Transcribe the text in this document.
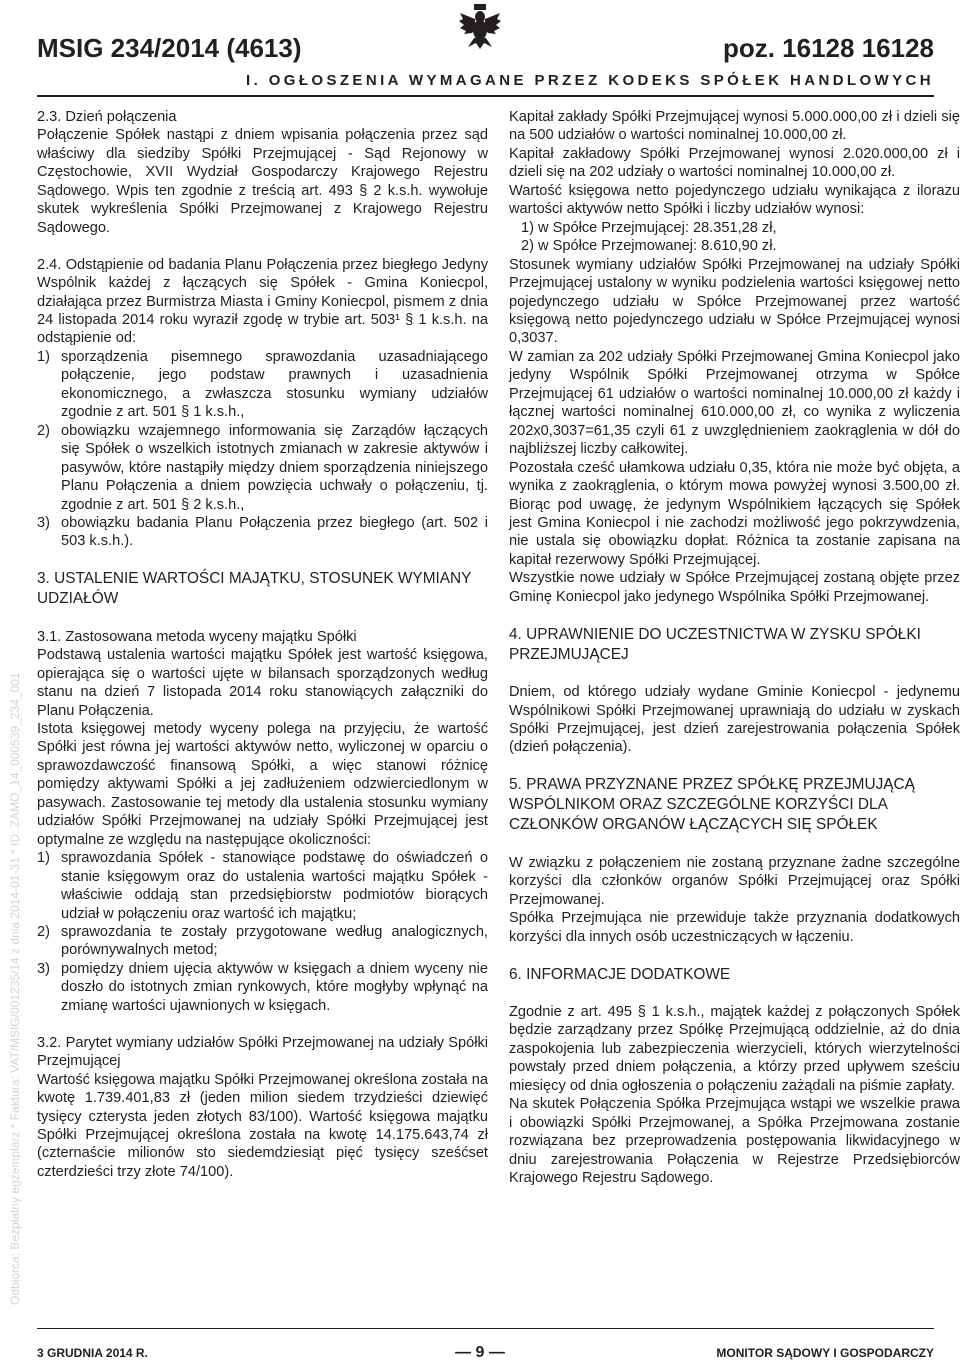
MSIG 234/2014 (4613)	poz. 16128 16128
I. OGŁOSZENIA WYMAGANE PRZEZ KODEKS SPÓŁEK HANDLOWYCH
Odbiorca: Bezpłatny egzemplarz * Faktura: VAT/MSIG/001235/14 z dnia 2014-01-31 * ID: ZAMO_14_000539_234_001

2.3. Dzień połączenia

Połączenie Spółek nastąpi z dniem wpisania połączenia przez sąd właściwy dla siedziby Spółki Przejmującej - Sąd Rejonowy w Częstochowie, XVII Wydział Gospodarczy Krajowego Rejestru Sądowego. Wpis ten zgodnie z treścią art. 493 § 2 k.s.h. wywołuje skutek wykreślenia Spółki Przejmowanej z Krajowego Rejestru Sądowego.

2.4. Odstąpienie od badania Planu Połączenia przez biegłego Jedyny Wspólnik każdej z łączących się Spółek - Gmina Koniecpol, działająca przez Burmistrza Miasta i Gminy Koniecpol, pismem z dnia 24 listopada 2014 roku wyraził zgodę w trybie art. 503¹ § 1 k.s.h. na odstąpienie od:

1) sporządzenia pisemnego sprawozdania uzasadniającego połączenie, jego podstaw prawnych i uzasadnienia ekonomicznego, a zwłaszcza stosunku wymiany udziałów zgodnie z art. 501 § 1 k.s.h.,
2) obowiązku wzajemnego informowania się Zarządów łączących się Spółek o wszelkich istotnych zmianach w zakresie aktywów i pasywów, które nastąpiły między dniem sporządzenia niniejszego Planu Połączenia a dniem powzięcia uchwały o połączeniu, tj. zgodnie z art. 501 § 2 k.s.h.,
3) obowiązku badania Planu Połączenia przez biegłego (art. 502 i 503 k.s.h.).

3. USTALENIE WARTOŚCI MAJĄTKU, STOSUNEK WYMIANY UDZIAŁÓW

3.1. Zastosowana metoda wyceny majątku Spółki

Podstawą ustalenia wartości majątku Spółek jest wartość księgowa, opierająca się o wartości ujęte w bilansach sporządzonych według stanu na dzień 7 listopada 2014 roku stanowiących załączniki do Planu Połączenia.

Istota księgowej metody wyceny polega na przyjęciu, że wartość Spółki jest równa jej wartości aktywów netto, wyliczonej w oparciu o sprawozdawczość finansową Spółki, a więc stanowi różnicę pomiędzy aktywami Spółki a jej zadłużeniem odzwierciedlonym w pasywach. Zastosowanie tej metody dla ustalenia stosunku wymiany udziałów Spółki Przejmowanej na udziały Spółki Przejmującej jest optymalne ze względu na następujące okoliczności:

1) sprawozdania Spółek - stanowiące podstawę do oświadczeń o stanie księgowym oraz do ustalenia wartości majątku Spółek - właściwie oddają stan przedsiębiorstw podmiotów biorących udział w połączeniu oraz wartość ich majątku;
2) sprawozdania te zostały przygotowane według analogicznych, porównywalnych metod;
3) pomiędzy dniem ujęcia aktywów w księgach a dniem wyceny nie doszło do istotnych zmian rynkowych, które mogłyby wpłynąć na zmianę wartości ujawnionych w księgach.

3.2. Parytet wymiany udziałów Spółki Przejmowanej na udziały Spółki Przejmującej

Wartość księgowa majątku Spółki Przejmowanej określona została na kwotę 1.739.401,83 zł (jeden milion siedem trzydzieści dziewięć tysięcy czterysta jeden złotych 83/100). Wartość księgowa majątku Spółki Przejmującej określona została na kwotę 14.175.643,74 zł (czternaście milionów sto siedemdziesiąt pięć tysięcy sześćset czterdzieści trzy złote 74/100).

Kapitał zakłady Spółki Przejmującej wynosi 5.000.000,00 zł i dzieli się na 500 udziałów o wartości nominalnej 10.000,00 zł.

Kapitał zakładowy Spółki Przejmowanej wynosi 2.020.000,00 zł i dzieli się na 202 udziały o wartości nominalnej 10.000,00 zł.

Wartość księgowa netto pojedynczego udziału wynikająca z ilorazu wartości aktywów netto Spółki i liczby udziałów wynosi:

1) w Spółce Przejmującej: 28.351,28 zł,

2) w Spółce Przejmowanej: 8.610,90 zł.

Stosunek wymiany udziałów Spółki Przejmowanej na udziały Spółki Przejmującej ustalony w wyniku podzielenia wartości księgowej netto pojedynczego udziału w Spółce Przejmowanej przez wartość księgową netto pojedynczego udziału w Spółce Przejmującej wynosi 0,3037.

W zamian za 202 udziały Spółki Przejmowanej Gmina Koniecpol jako jedyny Wspólnik Spółki Przejmowanej otrzyma w Spółce Przejmującej 61 udziałów o wartości nominalnej 10.000,00 zł każdy i łącznej wartości nominalnej 610.000,00 zł, co wynika z wyliczenia 202x0,3037=61,35 czyli 61 z uwzględnieniem zaokrąglenia w dół do najbliższej liczby całkowitej.

Pozostała cześć ułamkowa udziału 0,35, która nie może być objęta, a wynika z zaokrąglenia, o którym mowa powyżej wynosi 3.500,00 zł. Biorąc pod uwagę, że jedynym Wspólnikiem łączących się Spółek jest Gmina Koniecpol i nie zachodzi możliwość jego pokrzywdzenia, nie ustala się obowiązku dopłat. Różnica ta zostanie zapisana na kapitał rezerwowy Spółki Przejmującej.

Wszystkie nowe udziały w Spółce Przejmującej zostaną objęte przez Gminę Koniecpol jako jedynego Wspólnika Spółki Przejmowanej.

4. UPRAWNIENIE DO UCZESTNICTWA W ZYSKU SPÓŁKI PRZEJMUJĄCEJ

Dniem, od którego udziały wydane Gminie Koniecpol - jedynemu Wspólnikowi Spółki Przejmowanej uprawniają do udziału w zyskach Spółki Przejmującej, jest dzień zarejestrowania połączenia Spółek (dzień połączenia).

5. PRAWA PRZYZNANE PRZEZ SPÓŁKĘ PRZEJMUJĄCĄ WSPÓLNIKOM ORAZ SZCZEGÓLNE KORZYŚCI DLA CZŁONKÓW ORGANÓW ŁĄCZĄCYCH SIĘ SPÓŁEK

W związku z połączeniem nie zostaną przyznane żadne szczególne korzyści dla członków organów Spółki Przejmującej oraz Spółki Przejmowanej.

Spółka Przejmująca nie przewiduje także przyznania dodatkowych korzyści dla innych osób uczestniczących w łączeniu.

6. INFORMACJE DODATKOWE

Zgodnie z art. 495 § 1 k.s.h., majątek każdej z połączonych Spółek będzie zarządzany przez Spółkę Przejmującą oddzielnie, aż do dnia zaspokojenia lub zabezpieczenia wierzycieli, których wierzytelności powstały przed dniem połączenia, a którzy przed upływem sześciu miesięcy od dnia ogłoszenia o połączeniu zażądali na piśmie zapłaty.

Na skutek Połączenia Spółka Przejmująca wstąpi we wszelkie prawa i obowiązki Spółki Przejmowanej, a Spółka Przejmowana zostanie rozwiązana bez przeprowadzenia postępowania likwidacyjnego w dniu zarejestrowania Połączenia w Rejestrze Przedsiębiorców Krajowego Rejestru Sądowego.

3 GRUDNIA 2014 R.	— 9 —	MONITOR SĄDOWY I GOSPODARCZY
